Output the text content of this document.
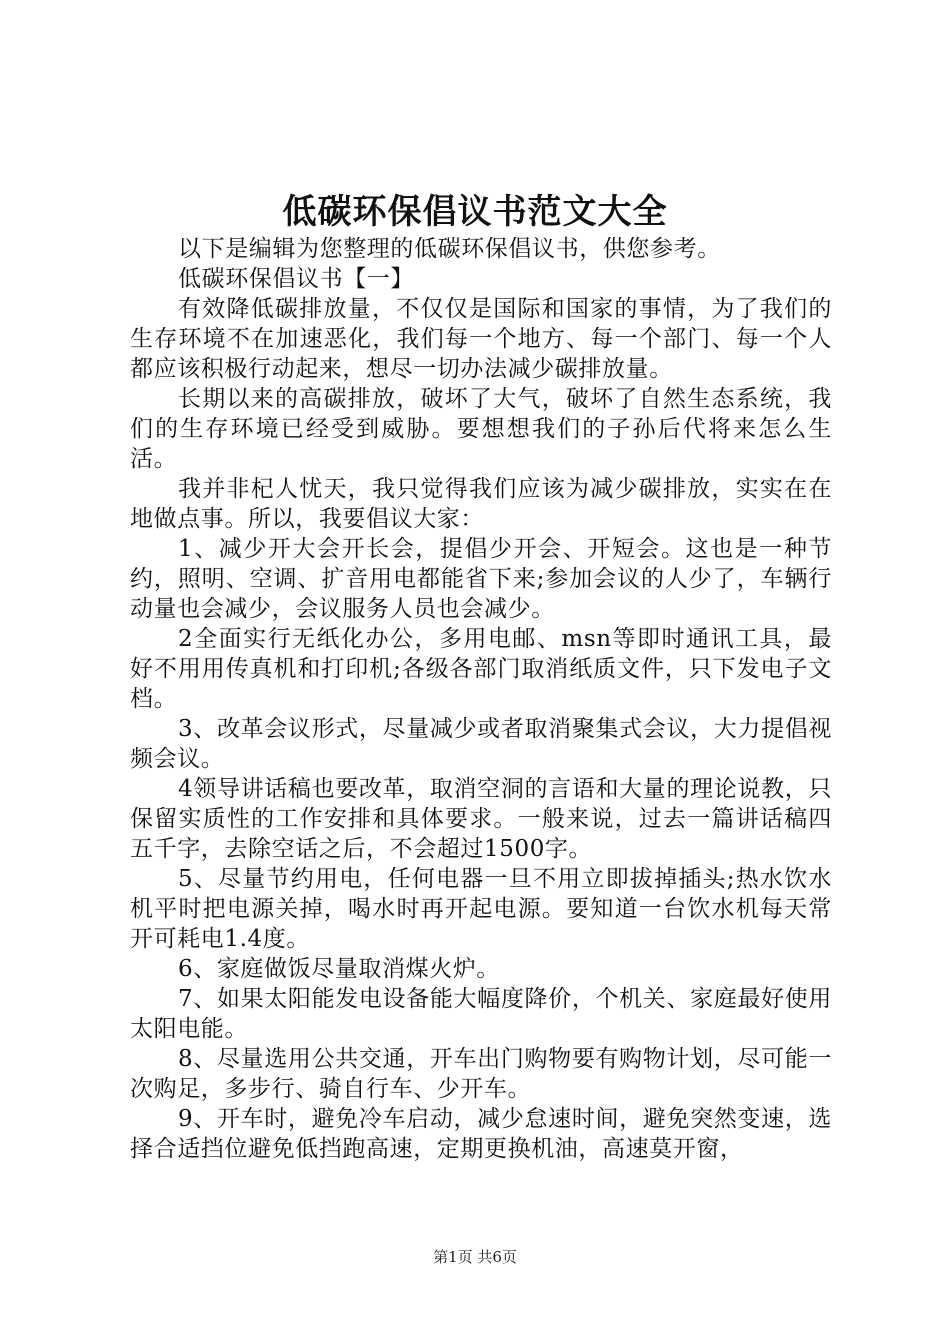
低碳环保倡议书范文大全

以下是编辑为您整理的低碳环保倡议书，供您参考。

低碳环保倡议书【一】

有效降低碳排放量，不仅仅是国际和国家的事情，为了我们的生存环境不在加速恶化，我们每一个地方、每一个部门、每一个人都应该积极行动起来，想尽一切办法减少碳排放量。

长期以来的高碳排放，破坏了大气，破坏了自然生态系统，我们的生存环境已经受到威胁。要想想我们的子孙后代将来怎么生活。

我并非杞人忧天，我只觉得我们应该为减少碳排放，实实在在地做点事。所以，我要倡议大家：

1、减少开大会开长会，提倡少开会、开短会。这也是一种节约，照明、空调、扩音用电都能省下来;参加会议的人少了，车辆行动量也会减少，会议服务人员也会减少。

2全面实行无纸化办公，多用电邮、msn等即时通讯工具，最好不用用传真机和打印机;各级各部门取消纸质文件，只下发电子文档。

3、改革会议形式，尽量减少或者取消聚集式会议，大力提倡视频会议。

4领导讲话稿也要改革，取消空洞的言语和大量的理论说教，只保留实质性的工作安排和具体要求。一般来说，过去一篇讲话稿四五千字，去除空话之后，不会超过1500字。

5、尽量节约用电，任何电器一旦不用立即拔掉插头;热水饮水机平时把电源关掉，喝水时再开起电源。要知道一台饮水机每天常开可耗电1.4度。

6、家庭做饭尽量取消煤火炉。

7、如果太阳能发电设备能大幅度降价，个机关、家庭最好使用太阳电能。

8、尽量选用公共交通，开车出门购物要有购物计划，尽可能一次购足，多步行、骑自行车、少开车。

9、开车时，避免冷车启动，减少怠速时间，避免突然变速，选择合适挡位避免低挡跑高速，定期更换机油，高速莫开窗，

第1页 共6页
